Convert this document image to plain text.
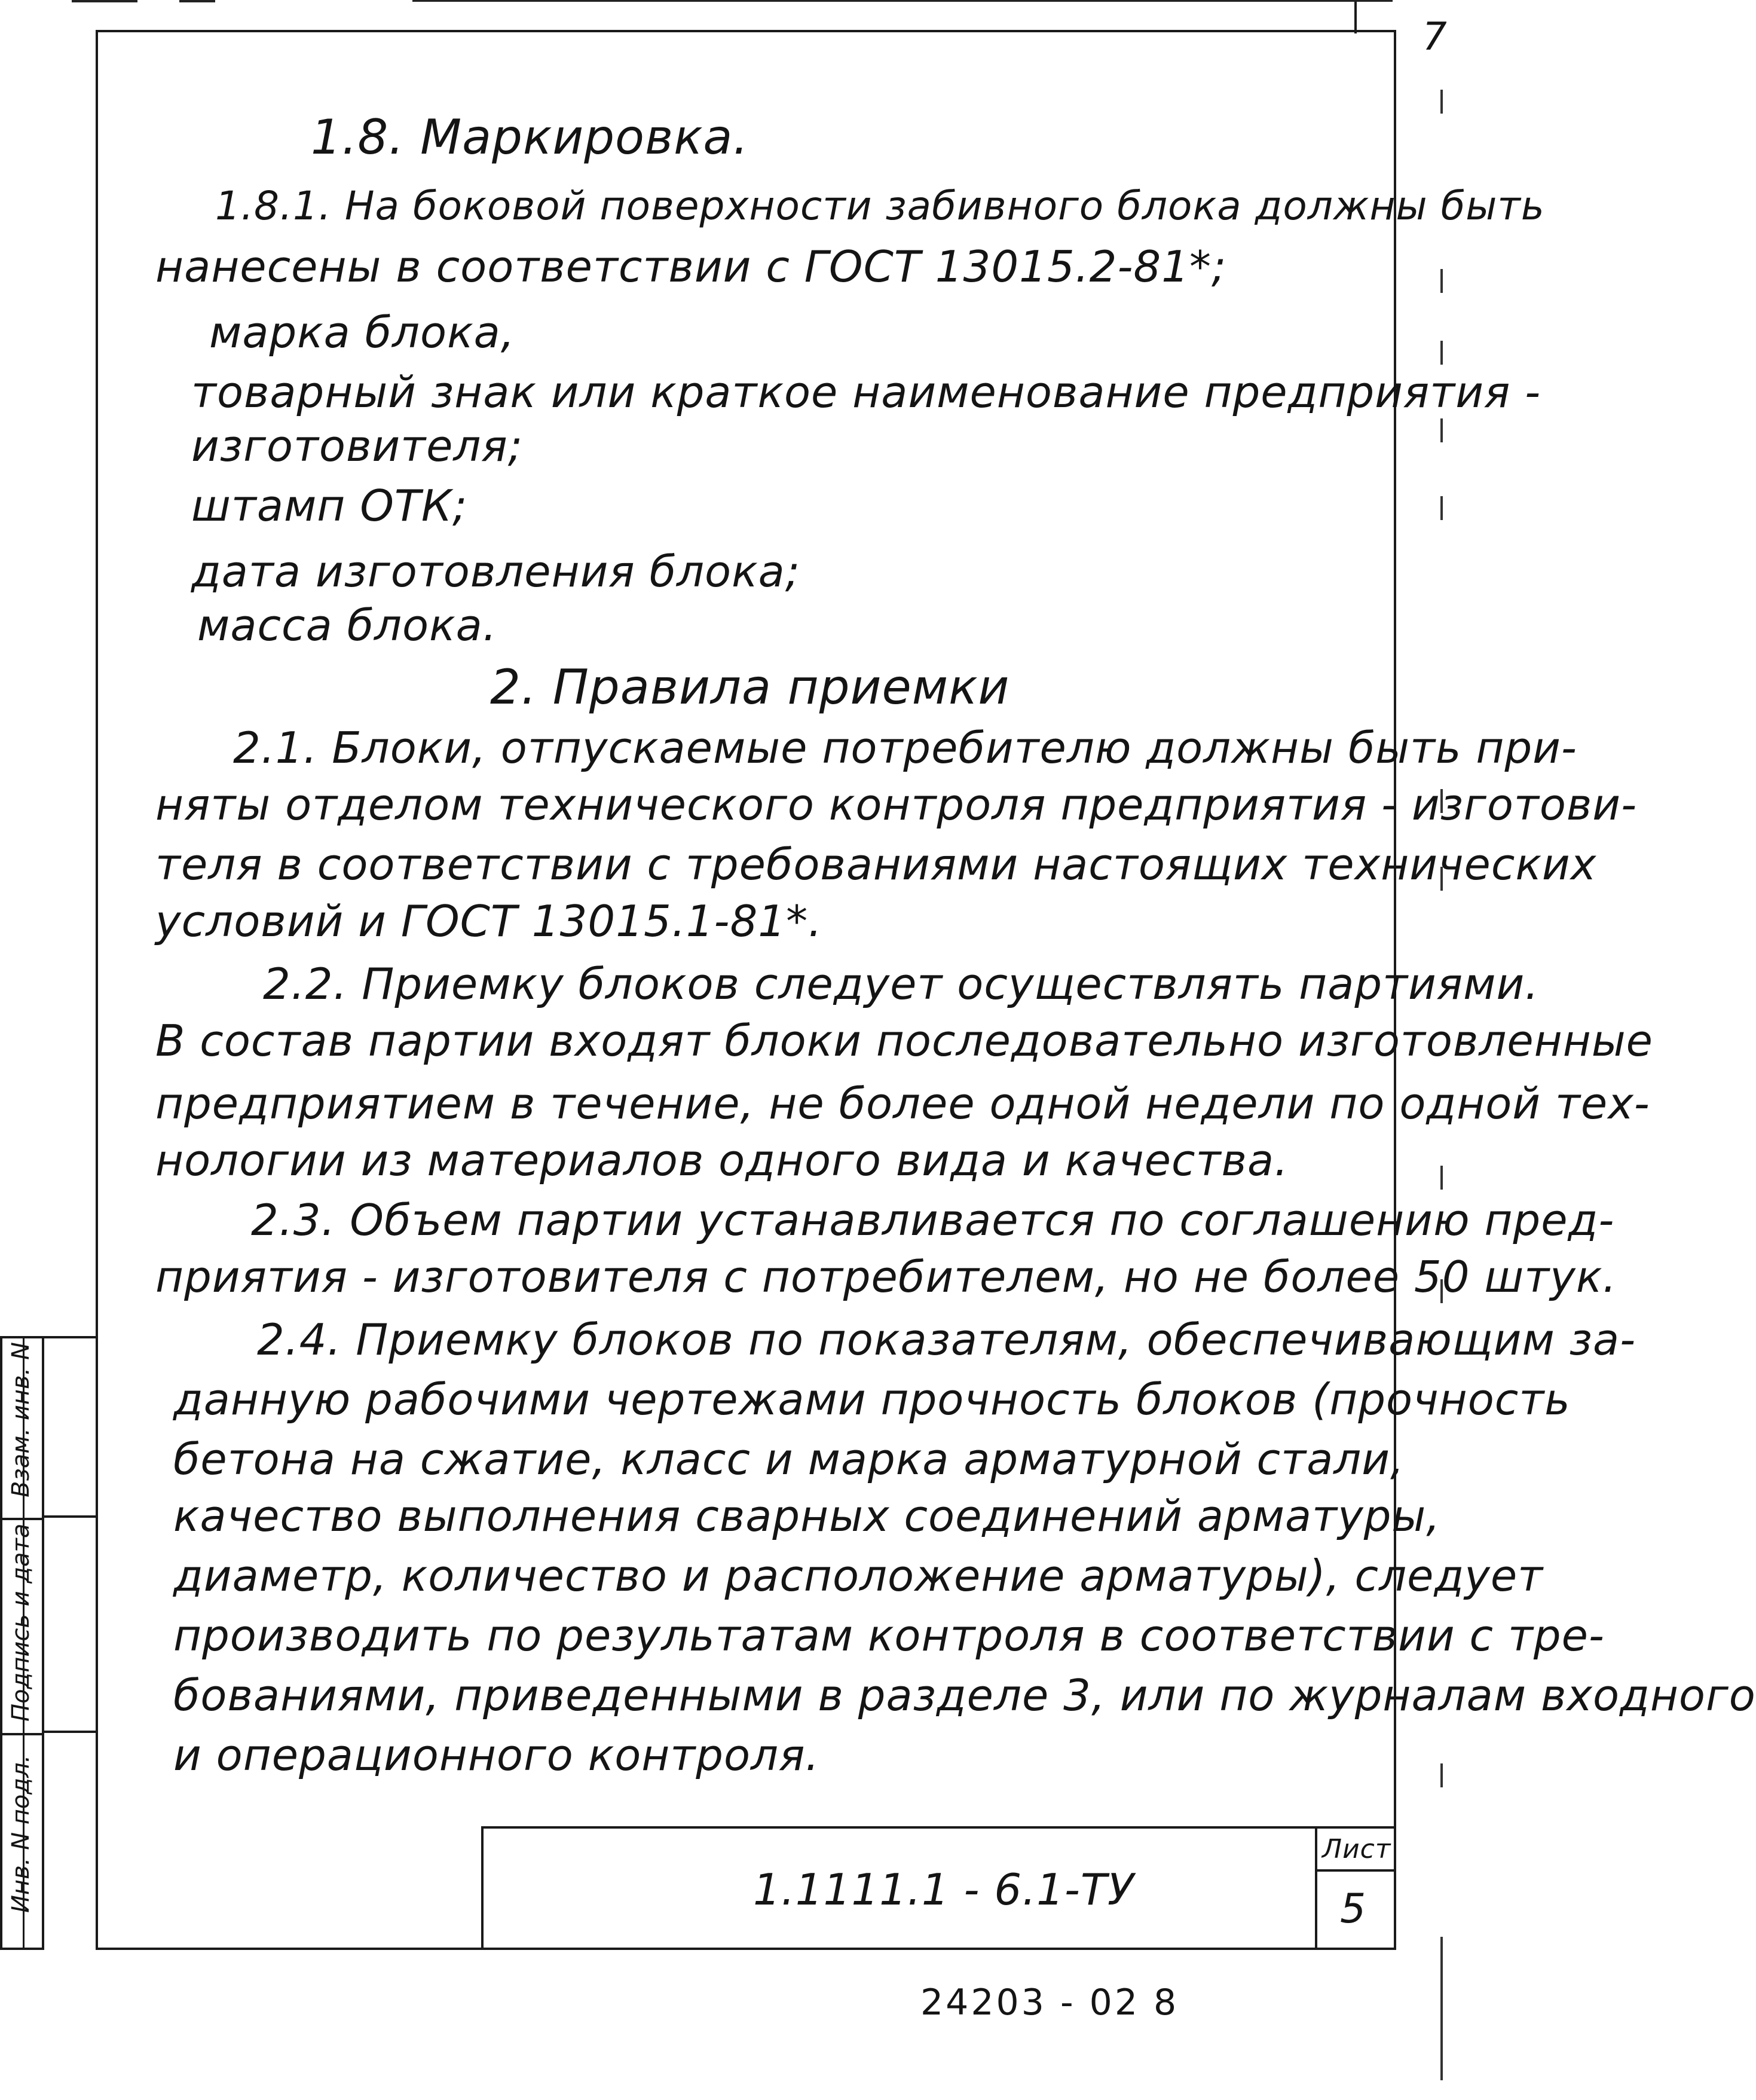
7
1.8. Маркировка.
1.8.1. На боковой поверхности забивного блока должны быть
нанесены в соответствии с ГОСТ 13015.2-81*;
марка блока,
товарный знак или краткое наименование предприятия -
изготовителя;
штамп ОТК;
дата изготовления блока;
масса блока.
2. Правила приемки
2.1. Блоки, отпускаемые потребителю должны быть при-
няты отделом технического контроля предприятия - изготови-
теля в соответствии с требованиями настоящих технических
условий и ГОСТ 13015.1-81*.
2.2. Приемку блоков следует осуществлять партиями.
В состав партии входят блоки последовательно изготовленные
предприятием в течение, не более одной недели по одной тех-
нологии из материалов одного вида и качества.
2.3. Объем партии устанавливается по соглашению пред-
приятия - изготовителя с потребителем, но не более 50 штук.
2.4. Приемку блоков по показателям, обеспечивающим за-
данную рабочими чертежами прочность блоков (прочность
бетона на сжатие, класс и марка арматурной стали,
качество выполнения сварных соединений арматуры,
диаметр, количество и расположение арматуры), следует
производить по результатам контроля в соответствии с тре-
бованиями, приведенными в разделе 3, или по журналам входного
и операционного контроля.
Взам. инв. N
Подпись и дата
Инв. N подл.	Лист
5
1.1111.1 - 6.1-ТУ
24203 - 02 8
